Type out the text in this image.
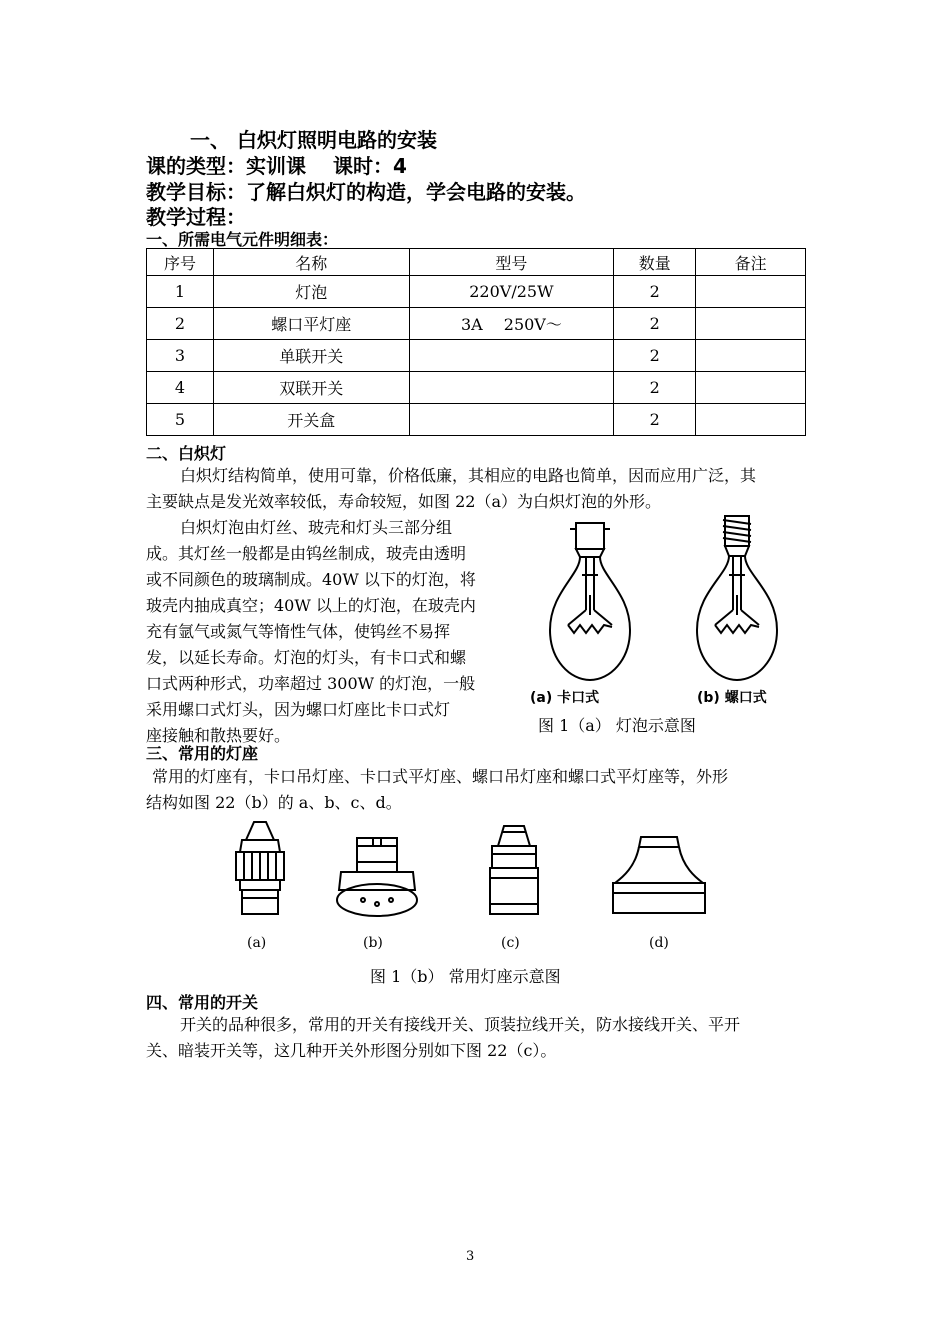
一、 白炽灯照明电路的安装
课的类型：实训课　 课时：4
教学目标：了解白炽灯的构造，学会电路的安装。
教学过程：
一、所需电气元件明细表：
序号	名称	型号	数量	备注
1	灯泡	220V/25W	2	
2	螺口平灯座	3A　 250V～	2	
3	单联开关		2	
4	双联开关		2	
5	开关盒		2	
二、白炽灯
白炽灯结构简单，使用可靠，价格低廉，其相应的电路也简单，因而应用广泛，其
主要缺点是发光效率较低，寿命较短，如图 22（a）为白炽灯泡的外形。
白炽灯泡由灯丝、玻壳和灯头三部分组
成。其灯丝一般都是由钨丝制成，玻壳由透明
或不同颜色的玻璃制成。40W 以下的灯泡，将
玻壳内抽成真空；40W 以上的灯泡，在玻壳内
充有氩气或氮气等惰性气体，使钨丝不易挥
发，以延长寿命。灯泡的灯头，有卡口式和螺
口式两种形式，功率超过 300W 的灯泡，一般
采用螺口式灯头，因为螺口灯座比卡口式灯
座接触和散热要好。
(a) 卡口式	(b) 螺口式
图 1（a） 灯泡示意图
三、常用的灯座
常用的灯座有，卡口吊灯座、卡口式平灯座、螺口吊灯座和螺口式平灯座等，外形
结构如图 22（b）的 a、b、c、d。
(a)	(b)	(c)	(d)
图 1（b） 常用灯座示意图
四、常用的开关
开关的品种很多，常用的开关有接线开关、顶装拉线开关，防水接线开关、平开
关、暗装开关等，这几种开关外形图分别如下图 22（c）。
3
